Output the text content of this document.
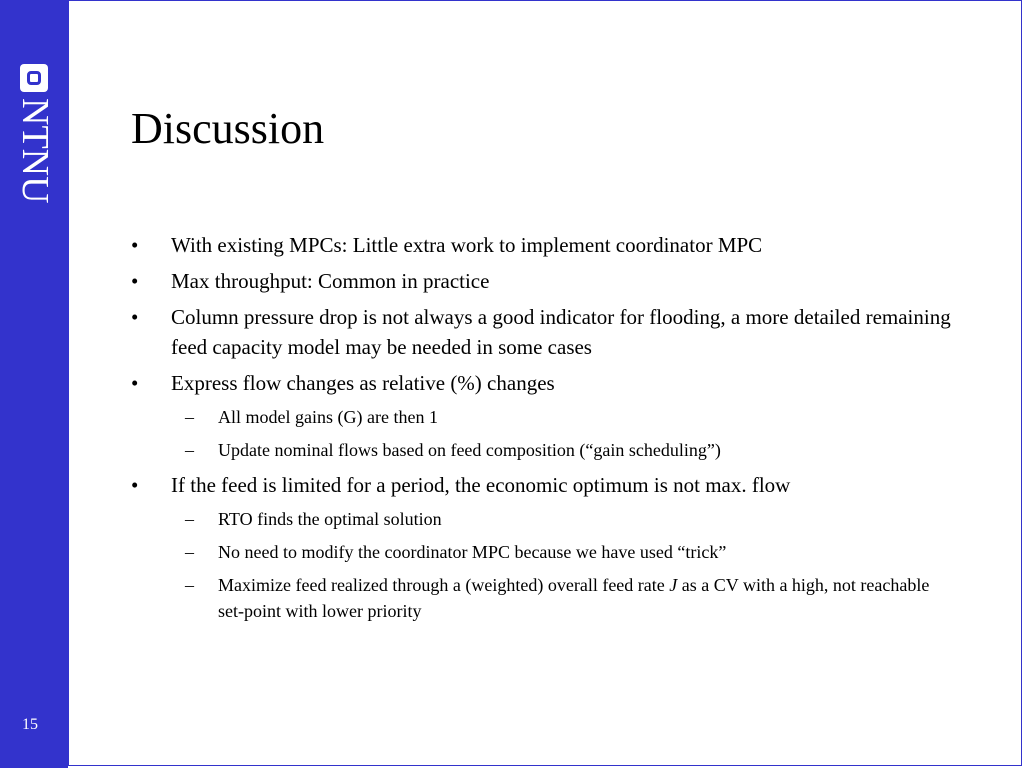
NTNU
15
Discussion
• With existing MPCs: Little extra work to implement coordinator MPC
• Max throughput: Common in practice
• Column pressure drop is not always a good indicator for flooding, a more detailed remaining feed capacity model may be needed in some cases
• Express flow changes as relative (%) changes
– All model gains (G) are then 1
– Update nominal flows based on feed composition (“gain scheduling”)
• If the feed is limited for a period, the economic optimum is not max. flow
– RTO finds the optimal solution
– No need to modify the coordinator MPC because we have used “trick”
– Maximize feed realized through a (weighted) overall feed rate J as a CV with a high, not reachable set-point with lower priority
